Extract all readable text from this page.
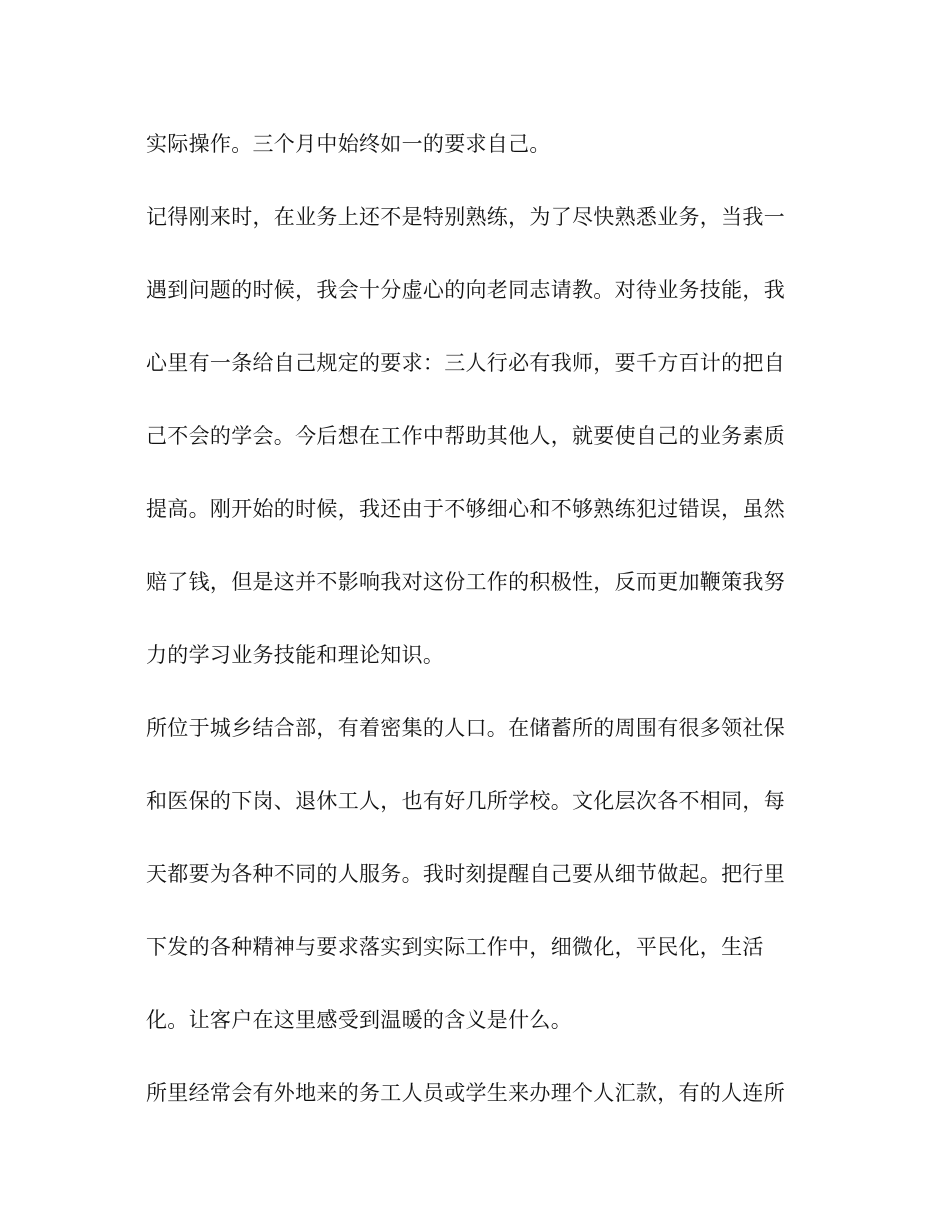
实际操作。三个月中始终如一的要求自己。

记得刚来时，在业务上还不是特别熟练，为了尽快熟悉业务，当我一

遇到问题的时候，我会十分虚心的向老同志请教。对待业务技能，我

心里有一条给自己规定的要求：三人行必有我师，要千方百计的把自

己不会的学会。今后想在工作中帮助其他人，就要使自己的业务素质

提高。刚开始的时候，我还由于不够细心和不够熟练犯过错误，虽然

赔了钱，但是这并不影响我对这份工作的积极性，反而更加鞭策我努

力的学习业务技能和理论知识。

所位于城乡结合部，有着密集的人口。在储蓄所的周围有很多领社保

和医保的下岗、退休工人，也有好几所学校。文化层次各不相同，每

天都要为各种不同的人服务。我时刻提醒自己要从细节做起。把行里

下发的各种精神与要求落实到实际工作中，细微化，平民化，生活

化。让客户在这里感受到温暖的含义是什么。

所里经常会有外地来的务工人员或学生来办理个人汇款，有的人连所
